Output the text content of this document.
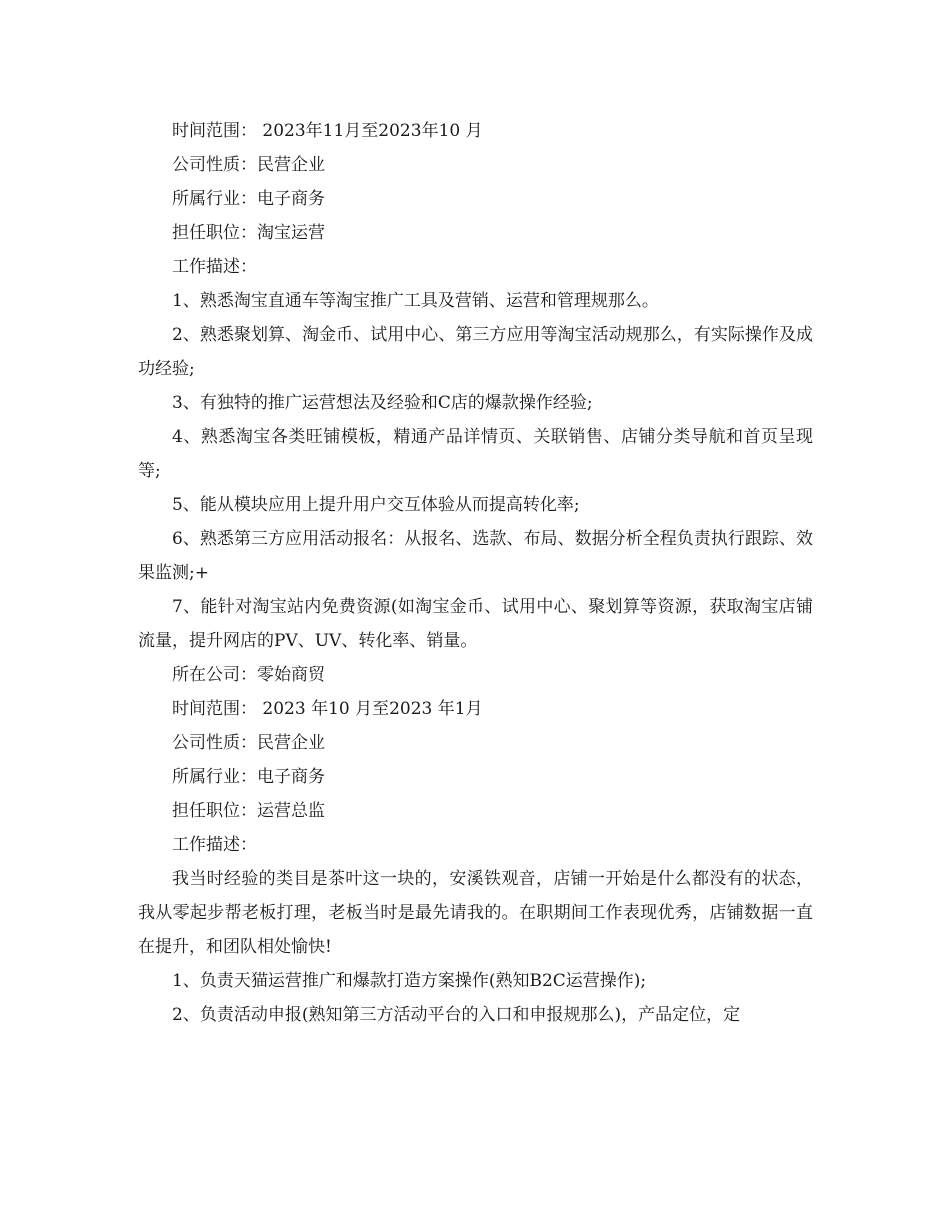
时间范围： 2023年11月至2023年10 月

公司性质：民营企业

所属行业：电子商务

担任职位：淘宝运营

工作描述：

1、熟悉淘宝直通车等淘宝推广工具及营销、运营和管理规那么。

2、熟悉聚划算、淘金币、试用中心、第三方应用等淘宝活动规那么，有实际操作及成功经验;

3、有独特的推广运营想法及经验和C店的爆款操作经验;

4、熟悉淘宝各类旺铺模板，精通产品详情页、关联销售、店铺分类导航和首页呈现等;

5、能从模块应用上提升用户交互体验从而提高转化率;

6、熟悉第三方应用活动报名：从报名、选款、布局、数据分析全程负责执行跟踪、效果监测;+

7、能针对淘宝站内免费资源(如淘宝金币、试用中心、聚划算等资源，获取淘宝店铺流量，提升网店的PV、UV、转化率、销量。

所在公司：零始商贸

时间范围： 2023 年10 月至2023 年1月

公司性质：民营企业

所属行业：电子商务

担任职位：运营总监

工作描述：

我当时经验的类目是茶叶这一块的，安溪铁观音，店铺一开始是什么都没有的状态，我从零起步帮老板打理，老板当时是最先请我的。在职期间工作表现优秀，店铺数据一直在提升，和团队相处愉快!

1、负责天猫运营推广和爆款打造方案操作(熟知B2C运营操作);

2、负责活动申报(熟知第三方活动平台的入口和申报规那么)，产品定位，定
